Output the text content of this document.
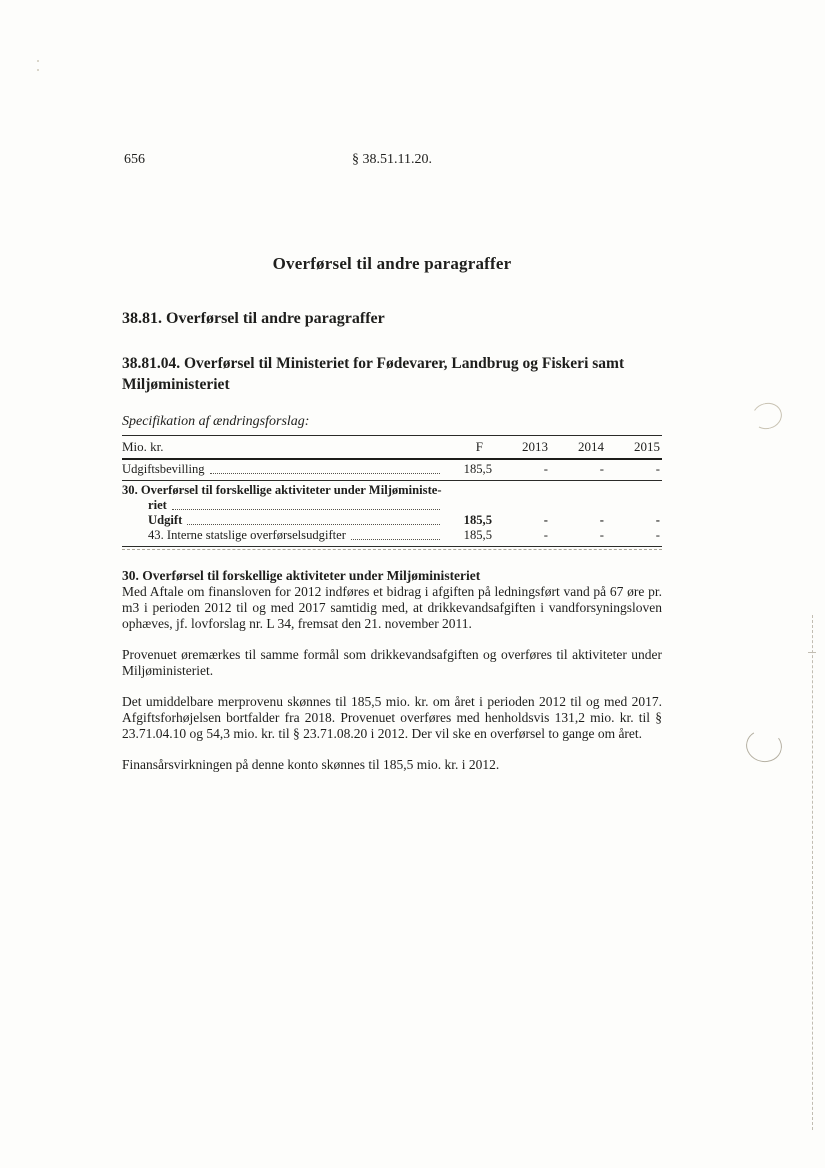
656	§ 38.51.11.20.
Overførsel til andre paragraffer
38.81. Overførsel til andre paragraffer
38.81.04. Overførsel til Ministeriet for Fødevarer, Landbrug og Fiskeri samt Miljøministeriet
Specifikation af ændringsforslag:
Mio. kr.	F	2013	2014	2015
Udgiftsbevilling	185,5	-	-	-
30. Overførsel til forskellige aktiviteter under Miljøministe-
riet
Udgift	185,5	-	-	-
43. Interne statslige overførselsudgifter	185,5	-	-	-

30. Overførsel til forskellige aktiviteter under Miljøministeriet

Med Aftale om finansloven for 2012 indføres et bidrag i afgiften på ledningsført vand på 67 øre pr. m3 i perioden 2012 til og med 2017 samtidig med, at drikkevandsafgiften i vandforsyningsloven ophæves, jf. lovforslag nr. L 34, fremsat den 21. november 2011.

Provenuet øremærkes til samme formål som drikkevandsafgiften og overføres til aktiviteter under Miljøministeriet.

Det umiddelbare merprovenu skønnes til 185,5 mio. kr. om året i perioden 2012 til og med 2017. Afgiftsforhøjelsen bortfalder fra 2018. Provenuet overføres med henholdsvis 131,2 mio. kr. til § 23.71.04.10 og 54,3 mio. kr. til § 23.71.08.20 i 2012. Der vil ske en overførsel to gange om året.

Finansårsvirkningen på denne konto skønnes til 185,5 mio. kr. i 2012.
